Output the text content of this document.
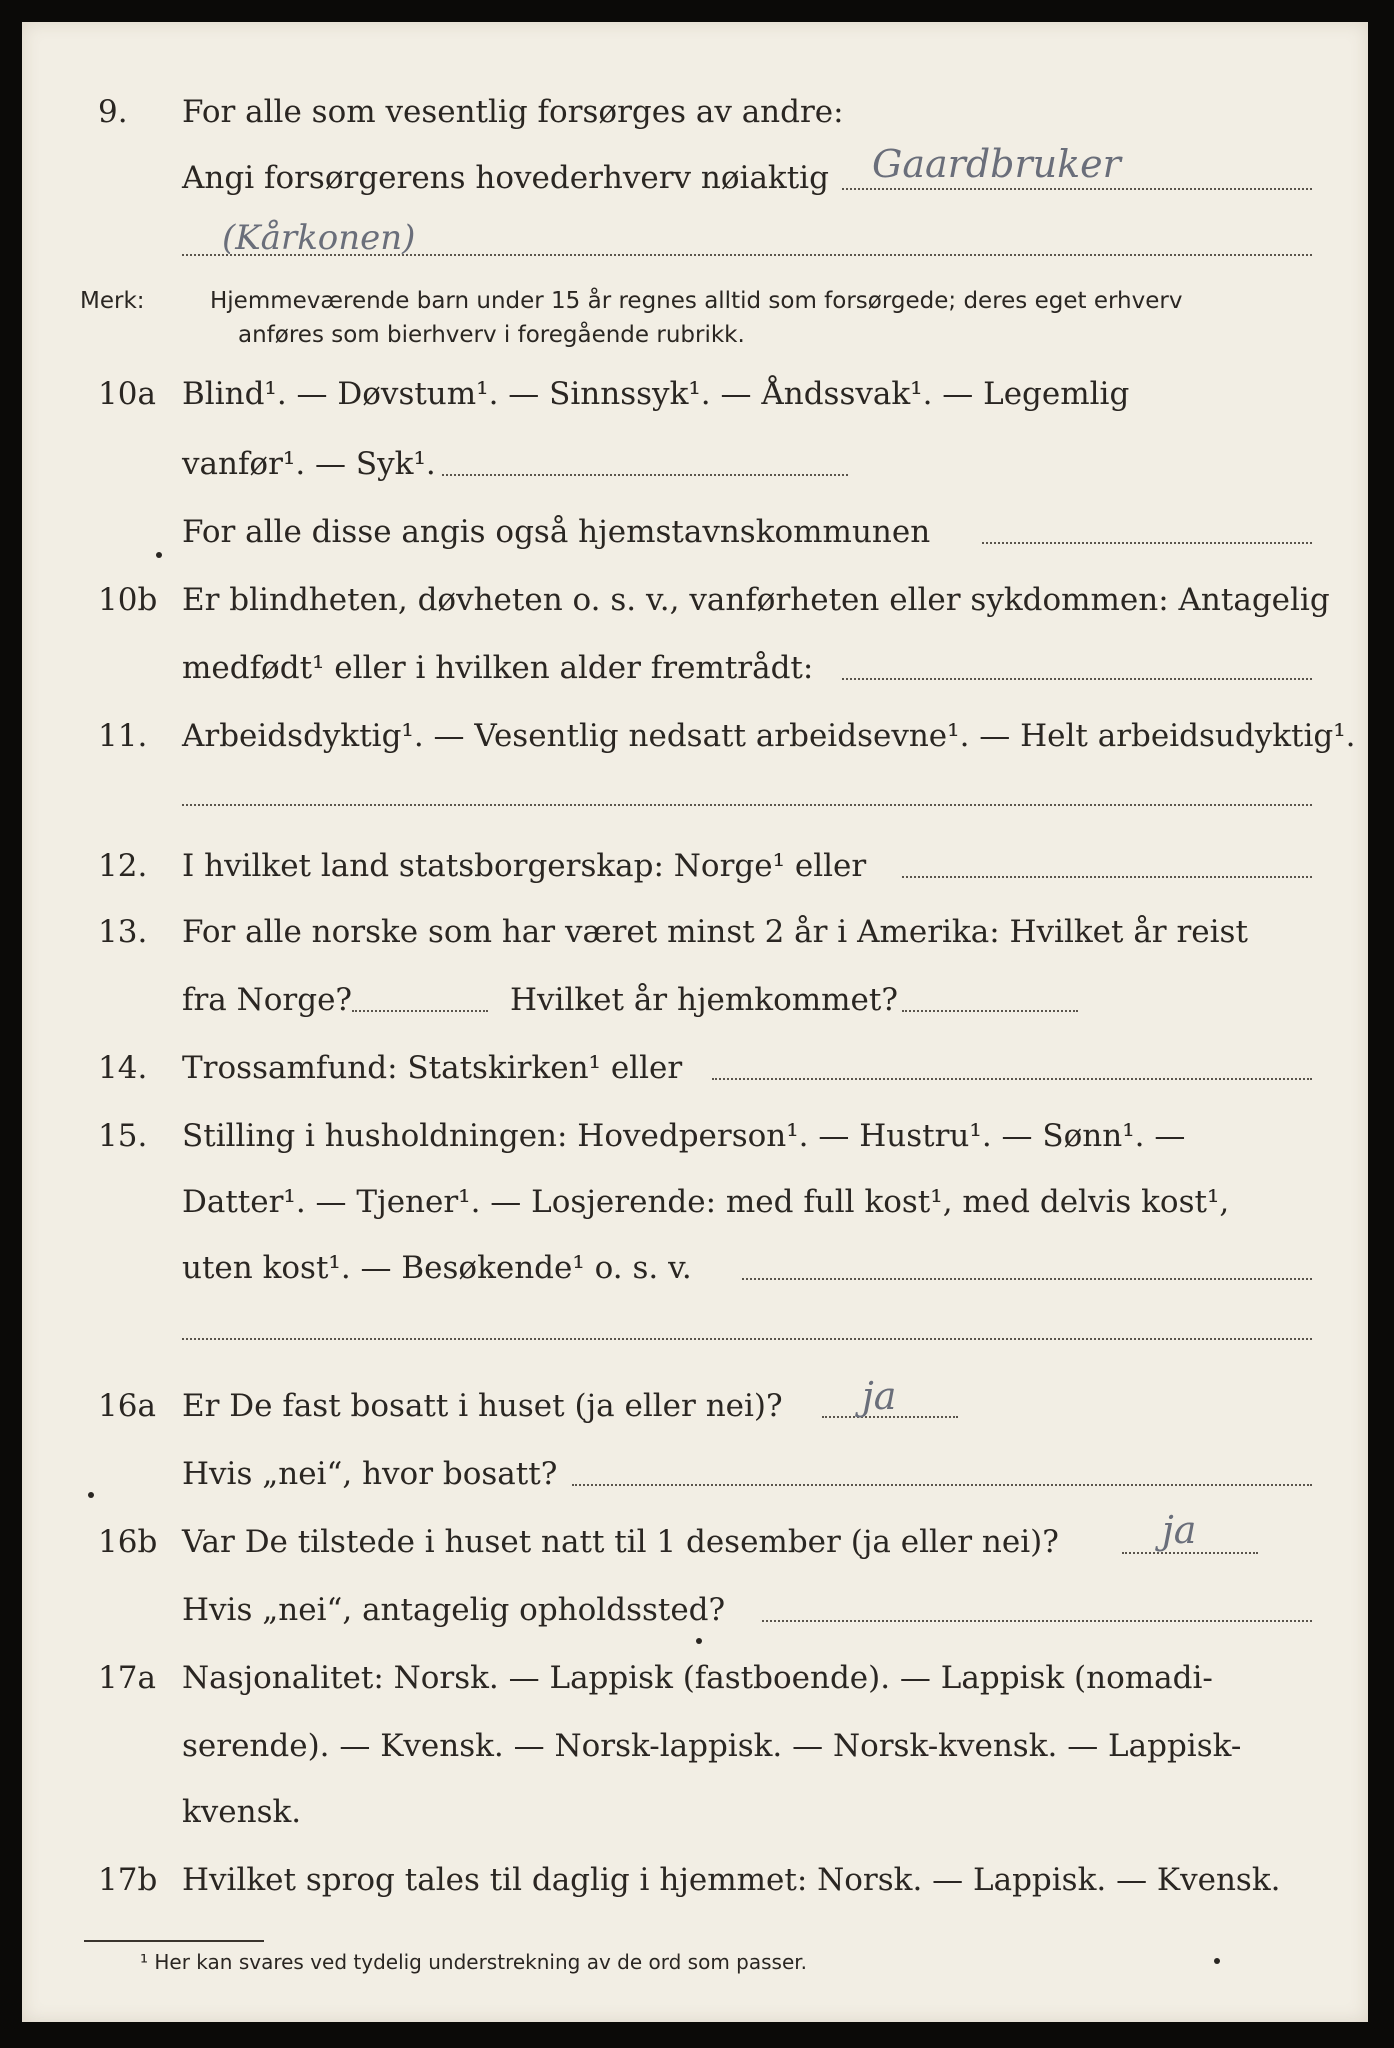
9. For alle som vesentlig forsørges av andre:
Angi forsørgerens hovederhverv nøiaktig Gaardbruker
(Kårkonen)
Merk:	Hjemmeværende barn under 15 år regnes alltid som forsørgede; deres eget erhverv
anføres som bierhverv i foregående rubrikk.
10a Blind¹. — Døvstum¹. — Sinnssyk¹. — Åndssvak¹. — Legemlig
vanfør¹. — Syk¹.
For alle disse angis også hjemstavnskommunen
10b Er blindheten, døvheten o. s. v., vanførheten eller sykdommen: Antagelig
medfødt¹ eller i hvilken alder fremtrådt:
11. Arbeidsdyktig¹. — Vesentlig nedsatt arbeidsevne¹. — Helt arbeidsudyktig¹.
12. I hvilket land statsborgerskap: Norge¹ eller
13. For alle norske som har været minst 2 år i Amerika: Hvilket år reist
fra Norge?	Hvilket år hjemkommet?
14. Trossamfund: Statskirken¹ eller
15. Stilling i husholdningen: Hovedperson¹. — Hustru¹. — Sønn¹. —
Datter¹. — Tjener¹. — Losjerende: med full kost¹, med delvis kost¹,
uten kost¹. — Besøkende¹ o. s. v.
16a Er De fast bosatt i huset (ja eller nei)? ja
Hvis „nei“, hvor bosatt?
16b Var De tilstede i huset natt til 1 desember (ja eller nei)?	ja
Hvis „nei“, antagelig opholdssted?
17a Nasjonalitet: Norsk. — Lappisk (fastboende). — Lappisk (nomadi-
serende). — Kvensk. — Norsk-lappisk. — Norsk-kvensk. — Lappisk-
kvensk.
17b Hvilket sprog tales til daglig i hjemmet: Norsk. — Lappisk. — Kvensk.
¹ Her kan svares ved tydelig understrekning av de ord som passer.
